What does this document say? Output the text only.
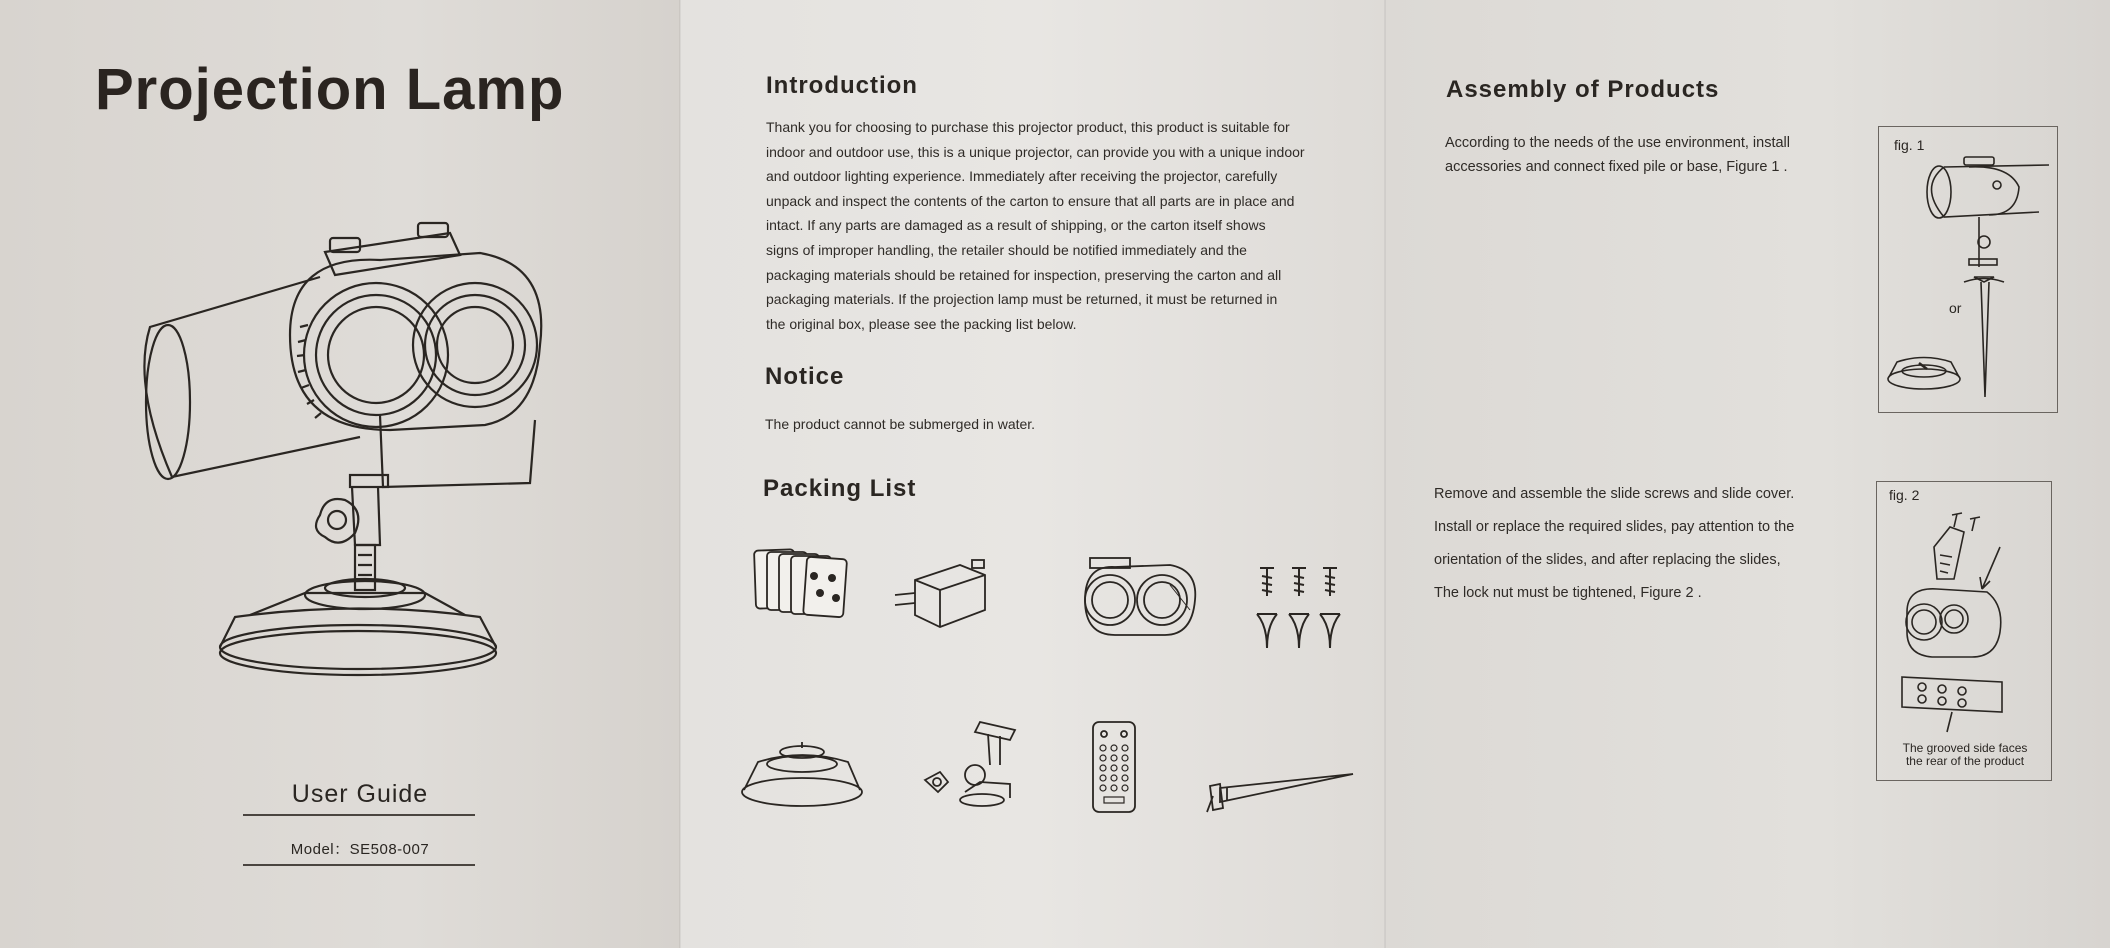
Projection Lamp
User Guide
Model：SE508-007
Introduction
Thank you for choosing to purchase this projector product, this product is suitable for
indoor and outdoor use, this is a unique projector, can provide you with a unique indoor
and outdoor lighting experience. Immediately after receiving the projector, carefully
unpack and inspect the contents of the carton to ensure that all parts are in place and
intact. If any parts are damaged as a result of shipping, or the carton itself shows
signs of improper handling, the retailer should be notified immediately and the
packaging materials should be retained for inspection, preserving the carton and all
packaging materials. If the projection lamp must be returned, it must be returned in
the original box, please see the packing list below.
Notice
The product cannot be submerged in water.
Packing List
Assembly of Products
According to the needs of the use environment, install
accessories and connect fixed pile or base, Figure 1 .
fig. 1
or
Remove and assemble the slide screws and slide cover.
Install or replace the required slides, pay attention to the
orientation of the slides, and after replacing the slides,
The lock nut must be tightened, Figure 2 .
fig. 2
The grooved side faces
the rear of the product
